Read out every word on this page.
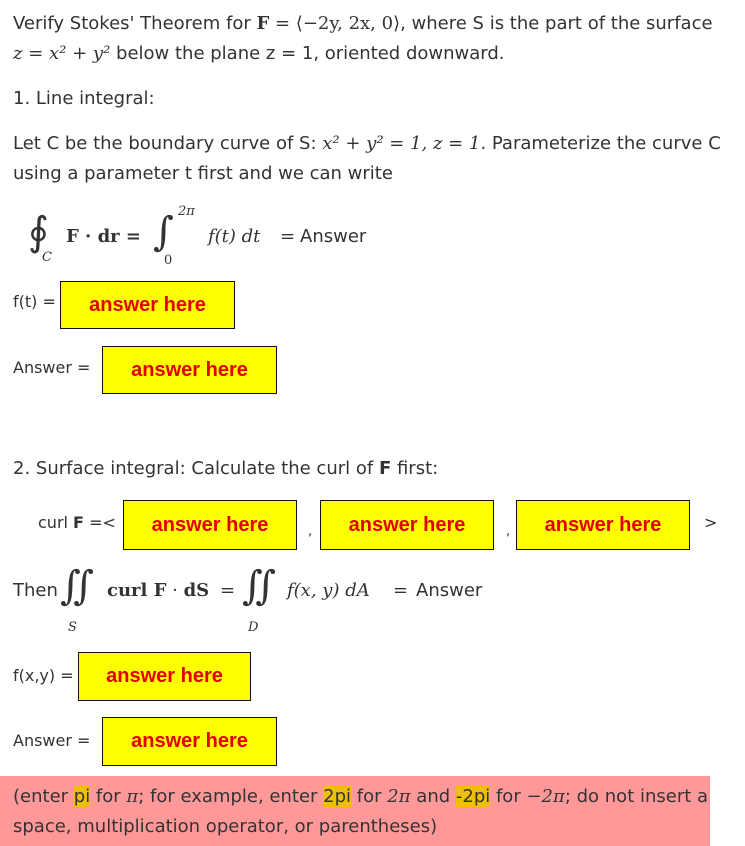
Verify Stokes' Theorem for F = ⟨−2y, 2x, 0⟩, where S is the part of the surface
z = x² + y² below the plane z = 1, oriented downward.
1. Line integral:
Let C be the boundary curve of S: x² + y² = 1, z = 1. Parameterize the curve C
using a parameter t first and we can write
∮
C
F · dr = ∫ 2π
0
f(t) dt = Answer
f(t) =	answer here
Answer =	answer here
2. Surface integral: Calculate the curl of F first:
curl F =<	answer here	,	answer here	,	answer here	>
Then ∬
S
curl F · dS = ∬
D
f(x, y) dA = Answer
f(x,y) =	answer here
Answer =	answer here
(enter pi for π; for example, enter 2pi for 2π and -2pi for −2π; do not insert a
space, multiplication operator, or parentheses)
